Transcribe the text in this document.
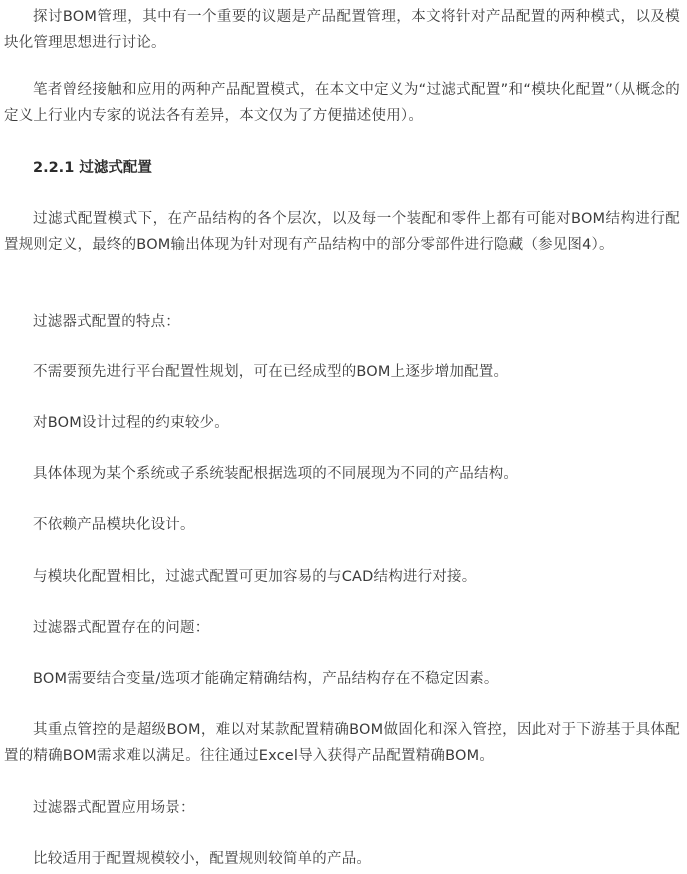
探讨BOM管理，其中有一个重要的议题是产品配置管理，本文将针对产品配置的两种模式，以及模块化管理思想进行讨论。

笔者曾经接触和应用的两种产品配置模式，在本文中定义为“过滤式配置”和“模块化配置”（从概念的定义上行业内专家的说法各有差异，本文仅为了方便描述使用）。

2.2.1 过滤式配置

过滤式配置模式下，在产品结构的各个层次，以及每一个装配和零件上都有可能对BOM结构进行配置规则定义，最终的BOM输出体现为针对现有产品结构中的部分零部件进行隐藏（参见图4）。

过滤器式配置的特点：

不需要预先进行平台配置性规划，可在已经成型的BOM上逐步增加配置。

对BOM设计过程的约束较少。

具体体现为某个系统或子系统装配根据选项的不同展现为不同的产品结构。

不依赖产品模块化设计。

与模块化配置相比，过滤式配置可更加容易的与CAD结构进行对接。

过滤器式配置存在的问题：

BOM需要结合变量/选项才能确定精确结构，产品结构存在不稳定因素。

其重点管控的是超级BOM，难以对某款配置精确BOM做固化和深入管控，因此对于下游基于具体配置的精确BOM需求难以满足。往往通过Excel导入获得产品配置精确BOM。

过滤器式配置应用场景：

比较适用于配置规模较小，配置规则较简单的产品。
